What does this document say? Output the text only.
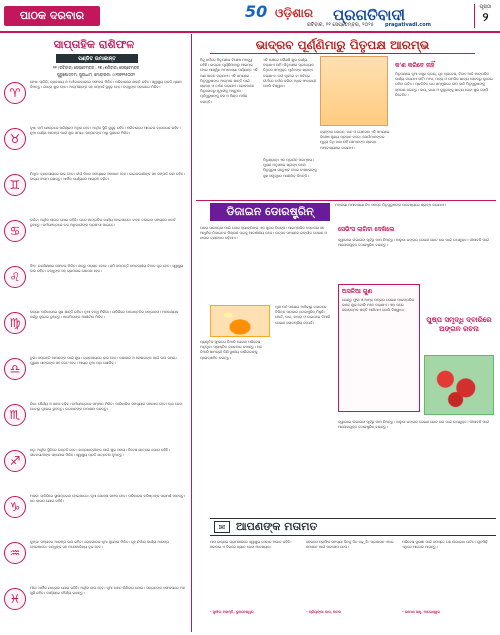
ପାଠକ ଦରବାର	50 ଓଡ଼ିଶାର ପ୍ରଗତିବାଦୀ
ରବିବାର, ୨୧ ସେପ୍ଟେମ୍ବର, ୨୦୨୫ pragativadi.com
ପୃଷ୍ଠା
୨
ସାପ୍ତାହିକ ରାଶିଫଳ
ପଣ୍ଡିତ ଉମାକାନ୍ତ
୨୧ (ରବିବାର) ସେପ୍ଟେମ୍ବର - ୨୭ (ଶନିବାର) ସେପ୍ଟେମ୍ବର
ପୁରୁଷୋତ୍ତମ, ପୁରୀଧାମ, ମୋବାଇଲ: ୯୯୩୭୧୨୫୦୦୨
♈
ମେଷ: ଚାକିରି, ବ୍ୟବସାୟ ଓ ଅର୍ଥକାରବାରରେ ସଫଳତା ମିଳିବ। ପରିବାରରେ ଶାନ୍ତି ରହିବ। ସ୍ୱାସ୍ଥ୍ୟ ପ୍ରତି ଧ୍ୟାନ ଦିଅନ୍ତୁ। ଯାତ୍ରା ଶୁଭ ହେବ। ଆତ୍ମୀୟଙ୍କ ସହ ସମ୍ପର୍କ ସୁଦୃଢ଼ ହେବ। ବନ୍ଧୁଙ୍କ ସହଯୋଗ ମିଳିବ।
♉
ବୃଷ: କର୍ମ କ୍ଷେତ୍ରରେ ପରିଶ୍ରମ ଅଧିକ ହେବ। ଆର୍ଥିକ ସ୍ଥିତି ସୁଦୃଢ଼ ରହିବ। ପରିବାରରେ ଆନନ୍ଦର ବାତାବରଣ ରହିବ। ନୂଆ କାର୍ଯ୍ୟ ଆରମ୍ଭ ପାଇଁ ଶୁଭ ସମୟ। ସନ୍ତାନଙ୍କ ଠାରୁ ସୁଖବର ମିଳିବ।
♊
ମିଥୁନ: ବ୍ୟବସାୟରେ ଲାଭ ହେବ। ଦୀର୍ଘ ଦିନର ସମସ୍ୟାର ସମାଧାନ ହେବ। ଭାଇଭଉଣୀଙ୍କ ସହ ସମ୍ପର୍କ ଭଲ ରହିବ। ବାକ୍ୟ ସଂଯମ ରଖନ୍ତୁ। ଧାର୍ମିକ କାର୍ଯ୍ୟରେ ଆଗ୍ରହ ବଢ଼ିବ।
♋
କର୍କଟ: ଆର୍ଥିକ ଲାଭର ଯୋଗ ରହିଛି। ଘରେ ମାଙ୍ଗଳିକ କାର୍ଯ୍ୟ ହୋଇପାରେ। ବାହନ ଚଳାଇବା ସମୟରେ ସତର୍କ ରୁହନ୍ତୁ। କର୍ମକ୍ଷେତ୍ରରେ ଉଚ୍ଚ ଅଧିକାରୀଙ୍କ ପ୍ରଶଂସା ପାଇବେ।
♌
ସିଂହ: ଉଚ୍ଚଶିକ୍ଷାରେ ସଫଳତା ମିଳିବ। ଶତ୍ରୁ ପରାସ୍ତ ହେବେ। ଜମି ସମ୍ପତ୍ତି ସମ୍ବନ୍ଧୀୟ ବିବାଦ ଦୂର ହେବ। ସ୍ୱାସ୍ଥ୍ୟ ଭଲ ରହିବ। ବନ୍ଧୁଙ୍କ ସହ ଭ୍ରମଣର ଯୋଜନା ହେବ।
♍
କନ୍ୟା: ପରିବାରରେ ସୁଖ ଶାନ୍ତି ରହିବ। ନୂଆ ବନ୍ଧୁ ମିଳିବେ। ଚାକିରିରେ ପଦୋନ୍ନତିର ସମ୍ଭାବନା। ଅନାବଶ୍ୟକ ଖର୍ଚ୍ଚରୁ ଦୂରେଇ ରୁହନ୍ତୁ। ମାତାପିତାଙ୍କ ଆଶୀର୍ବାଦ ମିଳିବ।
♎
ତୁଳା: ସପ୍ତାହଟି ଆପଣଙ୍କ ପାଇଁ ଶୁଭ। ବ୍ୟବସାୟରେ ଲାଭ ହେବ। କଳାକାର ଓ ଲେଖକଙ୍କ ପାଇଁ ଭଲ ସମୟ। ପୁରୁଣା ସାଙ୍ଗଙ୍କ ସହ ଭେଟ ହେବ। ଆୟର ନୂଆ ପନ୍ଥା ଖୋଲିବ।
♏
ବିଛା: ଧୈର୍ଯ୍ୟ ଓ ସାହସ ବଢ଼ିବ। କର୍ମକ୍ଷେତ୍ରରେ ସମ୍ମାନ ମିଳିବ। ପାରିବାରିକ ସମସ୍ୟାର ସମାଧାନ ହେବ। ଋଣ ଦେବା ନେବାରୁ ଦୂରେଇ ରୁହନ୍ତୁ। ଭଗବାନଙ୍କ ଉପାସନା କରନ୍ତୁ।
♐
ଧନୁ: ଆର୍ଥିକ ସ୍ଥିତିରେ ଉନ୍ନତି ହେବ। ଛାତ୍ରଛାତ୍ରୀଙ୍କ ପାଇଁ ଶୁଭ ସମୟ। ବିଦେଶ ଯାତ୍ରାର ଯୋଗ ରହିଛି। ଜୀବନସାଥୀଙ୍କ ସହଯୋଗ ମିଳିବ। ସ୍ୱାସ୍ଥ୍ୟ ପ୍ରତି ଯତ୍ନବାନ ହୁଅନ୍ତୁ।
♑
ମକର: ଚାକିରିରେ ସ୍ଥାନାନ୍ତରଣ ହୋଇପାରେ। ନୂଆ ଯୋଜନା ସଫଳ ହେବ। ପରିବାରର ବରିଷ୍ଠଙ୍କ ପରାମର୍ଶ ମାନନ୍ତୁ। ଧନ ଲାଭର ଯୋଗ ରହିଛି।
♒
କୁମ୍ଭ: ସପ୍ତାହର ଆରମ୍ଭ ଭଲ ରହିବ। ରୋଜଗାରର ନୂଆ ସୁଯୋଗ ମିଳିବ। ଗୃହ ନିର୍ମାଣ କାର୍ଯ୍ୟ ଆରମ୍ଭ ହୋଇପାରେ। ବନ୍ଧୁଙ୍କ ସହ ମନୋମାଳିନ୍ୟ ଦୂର ହେବ।
♓
ମୀନ: ଧାର୍ମିକ ଯାତ୍ରାର ଯୋଗ ରହିଛି। ଆର୍ଥିକ ଲାଭ ହେବ। ନୂଆ ବାହନ କିଣିବାର ଯୋଗ। ସନ୍ତାନଙ୍କ ସଫଳତାରେ ମନ ଖୁସି ରହିବ। କାର୍ଯ୍ୟରେ ଧୈର୍ଯ୍ୟ ରଖନ୍ତୁ।
ଭାଦ୍ରବ ପୂର୍ଣ୍ଣିମାରୁ ପିତୃପକ୍ଷ ଆରମ୍ଭ
ହିନ୍ଦୁ ଧର୍ମରେ ପିତୃପକ୍ଷର ବିଶେଷ ମହତ୍ତ୍ୱ ରହିଛି। ଭାଦ୍ରବ ପୂର୍ଣ୍ଣିମାଠାରୁ ଆରମ୍ଭ ହୋଇ ଆଶ୍ୱିନ ଅମାବାସ୍ୟା ପର୍ଯ୍ୟନ୍ତ ଏହି ପକ୍ଷ ପାଳନ କରାଯାଏ। ଏହି ସମୟରେ ପିତୃପୁରୁଷଙ୍କ ଆତ୍ମାର ଶାନ୍ତି ପାଇଁ ଶ୍ରାଦ୍ଧ ଓ ତର୍ପଣ କରାଯାଏ। ଲୋକମାନେ ପିତୃଲୋକରୁ ପୃଥିବୀକୁ ଆସୁଥିବା ପୂର୍ବପୁରୁଷଙ୍କୁ ଜଳ ଓ ପିଣ୍ଡ ଅର୍ପଣ କରନ୍ତି।
ଏହି ପକ୍ଷରେ କୌଣସି ଶୁଭ କାର୍ଯ୍ୟ କରାଯାଏ ନାହିଁ। ପିତୃପକ୍ଷର ପ୍ରତ୍ୟେକ ତିଥିରେ ସମ୍ପୃକ୍ତ ପୂର୍ବଜଙ୍କ ଶ୍ରାଦ୍ଧ କରାଯାଏ। ନଦୀ କୂଳରେ ବା ପବିତ୍ର ତୀର୍ଥରେ ତର୍ପଣ କରିବା ଅଧିକ ଫଳଦାୟୀ ବୋଲି ବିଶ୍ୱାସ।
ବ୍ରାହ୍ମଣ ଭୋଜନ, ଦାନ ଓ ଗୋସେବା ଏହି ସମୟରେ ବିଶେଷ ପୁଣ୍ୟ ପ୍ରଦାନ କରେ। ଯେଉଁମାନଙ୍କର ମୃତ୍ୟୁ ତିଥି ଜଣା ନାହିଁ ସେମାନଙ୍କ ଶ୍ରାଦ୍ଧ ଅମାବାସ୍ୟାରେ କରାଯାଏ।
କ'ଣ କରିବେ ନାହିଁ
ପିତୃପକ୍ଷରେ ନୂଆ ବସ୍ତ୍ର କ୍ରୟ, ଗୃହ ପ୍ରବେଶ, ବିବାହ ଆଦି ମାଙ୍ଗଳିକ କାର୍ଯ୍ୟ କରାଯାଏ ନାହିଁ। ମାଂସ, ମଦ୍ୟ ଓ ତାମସିକ ଖାଦ୍ୟ ସେବନରୁ ଦୂରେଇ ରହିବା ଉଚିତ। ପ୍ରତିଦିନ ଘର ସମ୍ମୁଖରେ ଦୀପ ଜାଳି ପିତୃପୁରୁଷଙ୍କୁ ସ୍ମରଣ କରନ୍ତୁ। କାଉ, ଗାଈ ଓ କୁକୁରଙ୍କୁ ଖାଦ୍ୟ ଦେବା ଶୁଭ ବୋଲି ବିବେଚିତ।
ପିତୃଶ୍ରାଦ୍ଧ ଏକ ପ୍ରାଚୀନ ପରମ୍ପରା। ପୁରାଣ ଅନୁସାରେ ଶ୍ରାଦ୍ଧ କଲେ ପିତୃପୁରୁଷ ସନ୍ତୁଷ୍ଟ ହୋଇ ବଂଶଧରଙ୍କୁ ସୁଖ ସମୃଦ୍ଧିର ଆଶୀର୍ବାଦ ଦିଅନ୍ତି।
ମହାଳୟା ଅମାବାସ୍ୟା ଦିନ ସମସ୍ତ ପିତୃପୁରୁଷଙ୍କ ଉଦ୍ଦେଶ୍ୟରେ ଶ୍ରାଦ୍ଧ କରାଯାଏ।
ଡିଜାଇନ ଡୋରଷ୍ଟ୍ରିନ୍
ଘରର ସାଜସଜ୍ଜା ପାଇଁ ଡୋର ହ୍ୟାଙ୍ଗିଙ୍ଗ ଏକ ସୁନ୍ଦର ବିକଳ୍ପ। ପାରମ୍ପରିକ ହସ୍ତକଳା ସହ ଆଧୁନିକ ଡିଜାଇନର ମିଶ୍ରଣ ଘରକୁ ଆକର୍ଷଣୀୟ କରେ। ଉତ୍ସବ ସମୟରେ ରଙ୍ଗୀନ ତୋରଣ ଓ ଝାଲର ବ୍ୟବହାର ବଢ଼ିଥାଏ।
ପୂଜା ପର୍ବ ପାଖେଇ ଆସିବାରୁ ବଜାରରେ ବିଭିନ୍ନ ପ୍ରକାର ଡୋରଷ୍ଟ୍ରିନ୍ ମିଳୁଛି। ମୋତି, କାଚ, କପଡ଼ା ଓ କାଗଜରେ ତିଆରି ତୋରଣ ଲୋକପ୍ରିୟ ହେଉଛି।
ପ୍ରାକୃତିକ ଫୁଲରେ ତିଆରି ତୋରଣ ପରିବେଶ ଅନୁକୂଳ। ପ୍ଲାଷ୍ଟିକ ବ୍ୟବହାର କମାନ୍ତୁ। ହାତ ତିଆରି ସାମଗ୍ରୀ କିଣି ସ୍ଥାନୀୟ କାରିଗରଙ୍କୁ ପ୍ରୋତ୍ସାହିତ କରନ୍ତୁ।
ସେଭିଂସ ଲାଗିବା ଦେଖିଲେ
ଦ୍ୱାରରେ ଲଗାଇବା ପୂର୍ବରୁ ମାପ ନିଅନ୍ତୁ। ହାଲୁକା ରଙ୍ଗର ତୋରଣ ଛୋଟ ଘର ପାଇଁ ଉପଯୁକ୍ତ। ଦୀପାବଳି ପାଇଁ ଆଲୋକଯୁକ୍ତ ଡୋରଷ୍ଟ୍ରିନ୍ ବାଛନ୍ତୁ।
ଅସଳିଆ ଗୁଣ
ଗେଣ୍ଡୁ ଫୁଲ ଓ ଆମ୍ବ ପତ୍ରର ତୋରଣ ପାରମ୍ପରିକ ଭାବେ ଶୁଭ ବୋଲି ମନେ କରାଯାଏ। ଏହା ଘରେ ସକାରାତ୍ମକ ଶକ୍ତି ଆଣିଥାଏ ବୋଲି ବିଶ୍ୱାସ।
ପୁଷ୍ପ ସମୃଦ୍ଧି ଦ୍ବାରିରେ ଅଙ୍ଗନ ରଚନା
ଦ୍ୱାରରେ ଲଗାଇବା ପୂର୍ବରୁ ମାପ ନିଅନ୍ତୁ। ହାଲୁକା ରଙ୍ଗର ତୋରଣ ଛୋଟ ଘର ପାଇଁ ଉପଯୁକ୍ତ। ଦୀପାବଳି ପାଇଁ ଆଲୋକଯୁକ୍ତ ଡୋରଷ୍ଟ୍ରିନ୍ ବାଛନ୍ତୁ।
✉ ଆପଣଙ୍କ ମତାମତ
ଆମ ରାଜ୍ୟର ଗ୍ରାମାଞ୍ଚଳରେ ସ୍ୱାସ୍ଥ୍ୟ ସେବାର ଅଭାବ ରହିଛି। ସରକାର ଏ ଦିଗରେ ଧ୍ୟାନ ଦେବା ଆବଶ୍ୟକ।
- ସୁନୀଲ ମହାନ୍ତି, ଭୁବନେଶ୍ୱର
ସହରରେ ଟ୍ରାଫିକ ସମସ୍ୟା ଦିନକୁ ଦିନ ବଢ଼ୁଛି। ପ୍ରଶାସନ ଏହାର ସମାଧାନ ପାଇଁ ପଦକ୍ଷେପ ନେଉ।
- ପ୍ରିୟଙ୍କା ଦାସ, କଟକ
ପରିବେଶ ସୁରକ୍ଷା ପାଇଁ ସମସ୍ତେ ଗଛ ଲଗାଇବା ଉଚିତ। ଯୁବପିଢ଼ି ଏଥିରେ ଆଗେଇ ଆସନ୍ତୁ।
- ରମେଶ ସାହୁ, ବାଲେଶ୍ୱର
